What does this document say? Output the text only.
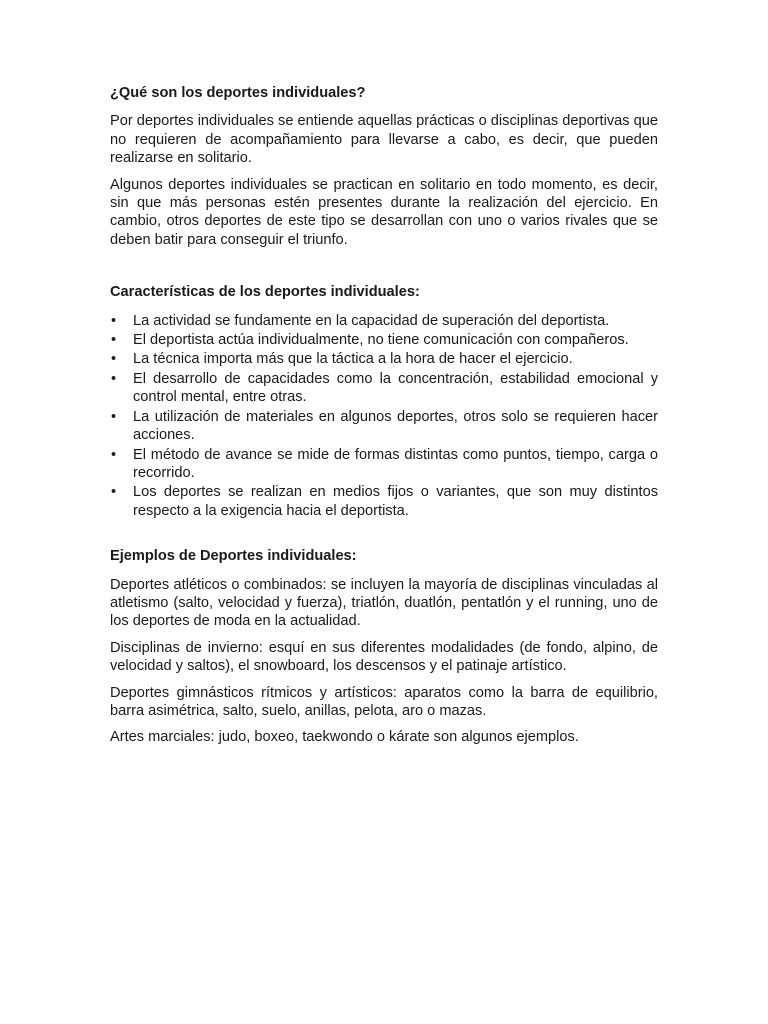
¿Qué son los deportes individuales?

Por deportes individuales se entiende aquellas prácticas o disciplinas deportivas que no requieren de acompañamiento para llevarse a cabo, es decir, que pueden realizarse en solitario.

Algunos deportes individuales se practican en solitario en todo momento, es decir, sin que más personas estén presentes durante la realización del ejercicio. En cambio, otros deportes de este tipo se desarrollan con uno o varios rivales que se deben batir para conseguir el triunfo.

Características de los deportes individuales:

• La actividad se fundamente en la capacidad de superación del deportista.
• El deportista actúa individualmente, no tiene comunicación con compañeros.
• La técnica importa más que la táctica a la hora de hacer el ejercicio.
• El desarrollo de capacidades como la concentración, estabilidad emocional y control mental, entre otras.
• La utilización de materiales en algunos deportes, otros solo se requieren hacer acciones.
• El método de avance se mide de formas distintas como puntos, tiempo, carga o recorrido.
• Los deportes se realizan en medios fijos o variantes, que son muy distintos respecto a la exigencia hacia el deportista.

Ejemplos de Deportes individuales:

Deportes atléticos o combinados: se incluyen la mayoría de disciplinas vinculadas al atletismo (salto, velocidad y fuerza), triatlón, duatlón, pentatlón y el running, uno de los deportes de moda en la actualidad.

Disciplinas de invierno: esquí en sus diferentes modalidades (de fondo, alpino, de velocidad y saltos), el snowboard, los descensos y el patinaje artístico.

Deportes gimnásticos rítmicos y artísticos: aparatos como la barra de equilibrio, barra asimétrica, salto, suelo, anillas, pelota, aro o mazas.

Artes marciales: judo, boxeo, taekwondo o kárate son algunos ejemplos.
